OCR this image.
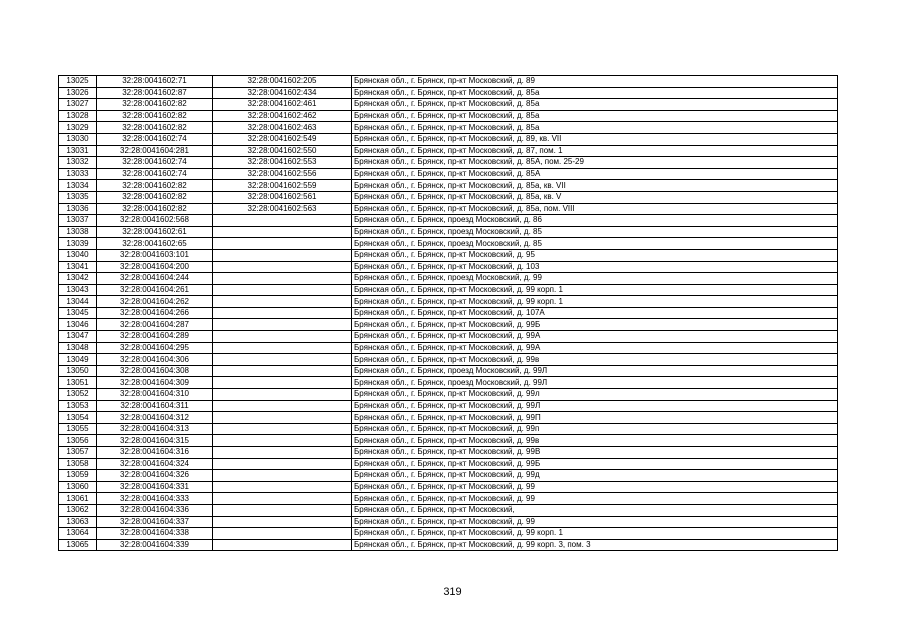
13025	32:28:0041602:71	32:28:0041602:205	Брянская обл., г. Брянск, пр-кт Московский, д. 89
13026	32:28:0041602:87	32:28:0041602:434	Брянская обл., г. Брянск, пр-кт Московский, д. 85а
13027	32:28:0041602:82	32:28:0041602:461	Брянская обл., г. Брянск, пр-кт Московский, д. 85а
13028	32:28:0041602:82	32:28:0041602:462	Брянская обл., г. Брянск, пр-кт Московский, д. 85а
13029	32:28:0041602:82	32:28:0041602:463	Брянская обл., г. Брянск, пр-кт Московский, д. 85а
13030	32:28:0041602:74	32:28:0041602:549	Брянская обл., г. Брянск, пр-кт Московский, д. 89, кв. VII
13031	32:28:0041604:281	32:28:0041602:550	Брянская обл., г. Брянск, пр-кт Московский, д. 87, пом. 1
13032	32:28:0041602:74	32:28:0041602:553	Брянская обл., г. Брянск, пр-кт Московский, д. 85А, пом. 25-29
13033	32:28:0041602:74	32:28:0041602:556	Брянская обл., г. Брянск, пр-кт Московский, д. 85А
13034	32:28:0041602:82	32:28:0041602:559	Брянская обл., г. Брянск, пр-кт Московский, д. 85а, кв. VII
13035	32:28:0041602:82	32:28:0041602:561	Брянская обл., г. Брянск, пр-кт Московский, д. 85а, кв. V
13036	32:28:0041602:82	32:28:0041602:563	Брянская обл., г. Брянск, пр-кт Московский, д. 85а, пом. VIII
13037	32:28:0041602:568		Брянская обл., г. Брянск, проезд Московский, д. 86
13038	32:28:0041602:61		Брянская обл., г. Брянск, проезд Московский, д. 85
13039	32:28:0041602:65		Брянская обл., г. Брянск, проезд Московский, д. 85
13040	32:28:0041603:101		Брянская обл., г. Брянск, пр-кт Московский, д. 95
13041	32:28:0041604:200		Брянская обл., г. Брянск, пр-кт Московский, д. 103
13042	32:28:0041604:244		Брянская обл., г. Брянск, проезд Московский, д. 99
13043	32:28:0041604:261		Брянская обл., г. Брянск, пр-кт Московский, д. 99 корп. 1
13044	32:28:0041604:262		Брянская обл., г. Брянск, пр-кт Московский, д. 99 корп. 1
13045	32:28:0041604:266		Брянская обл., г. Брянск, пр-кт Московский, д. 107А
13046	32:28:0041604:287		Брянская обл., г. Брянск, пр-кт Московский, д. 99Б
13047	32:28:0041604:289		Брянская обл., г. Брянск, пр-кт Московский, д. 99А
13048	32:28:0041604:295		Брянская обл., г. Брянск, пр-кт Московский, д. 99А
13049	32:28:0041604:306		Брянская обл., г. Брянск, пр-кт Московский, д. 99в
13050	32:28:0041604:308		Брянская обл., г. Брянск, проезд Московский, д. 99Л
13051	32:28:0041604:309		Брянская обл., г. Брянск, проезд Московский, д. 99Л
13052	32:28:0041604:310		Брянская обл., г. Брянск, пр-кт Московский, д. 99л
13053	32:28:0041604:311		Брянская обл., г. Брянск, пр-кт Московский, д. 99Л
13054	32:28:0041604:312		Брянская обл., г. Брянск, пр-кт Московский, д. 99П
13055	32:28:0041604:313		Брянская обл., г. Брянск, пр-кт Московский, д. 99п
13056	32:28:0041604:315		Брянская обл., г. Брянск, пр-кт Московский, д. 99в
13057	32:28:0041604:316		Брянская обл., г. Брянск, пр-кт Московский, д. 99В
13058	32:28:0041604:324		Брянская обл., г. Брянск, пр-кт Московский, д. 99Б
13059	32:28:0041604:326		Брянская обл., г. Брянск, пр-кт Московский, д. 99д
13060	32:28:0041604:331		Брянская обл., г. Брянск, пр-кт Московский, д. 99
13061	32:28:0041604:333		Брянская обл., г. Брянск, пр-кт Московский, д. 99
13062	32:28:0041604:336		Брянская обл., г. Брянск, пр-кт Московский,
13063	32:28:0041604:337		Брянская обл., г. Брянск, пр-кт Московский, д. 99
13064	32:28:0041604:338		Брянская обл., г. Брянск, пр-кт Московский, д. 99 корп. 1
13065	32:28:0041604:339		Брянская обл., г. Брянск, пр-кт Московский, д. 99 корп. 3, пом. 3
319
